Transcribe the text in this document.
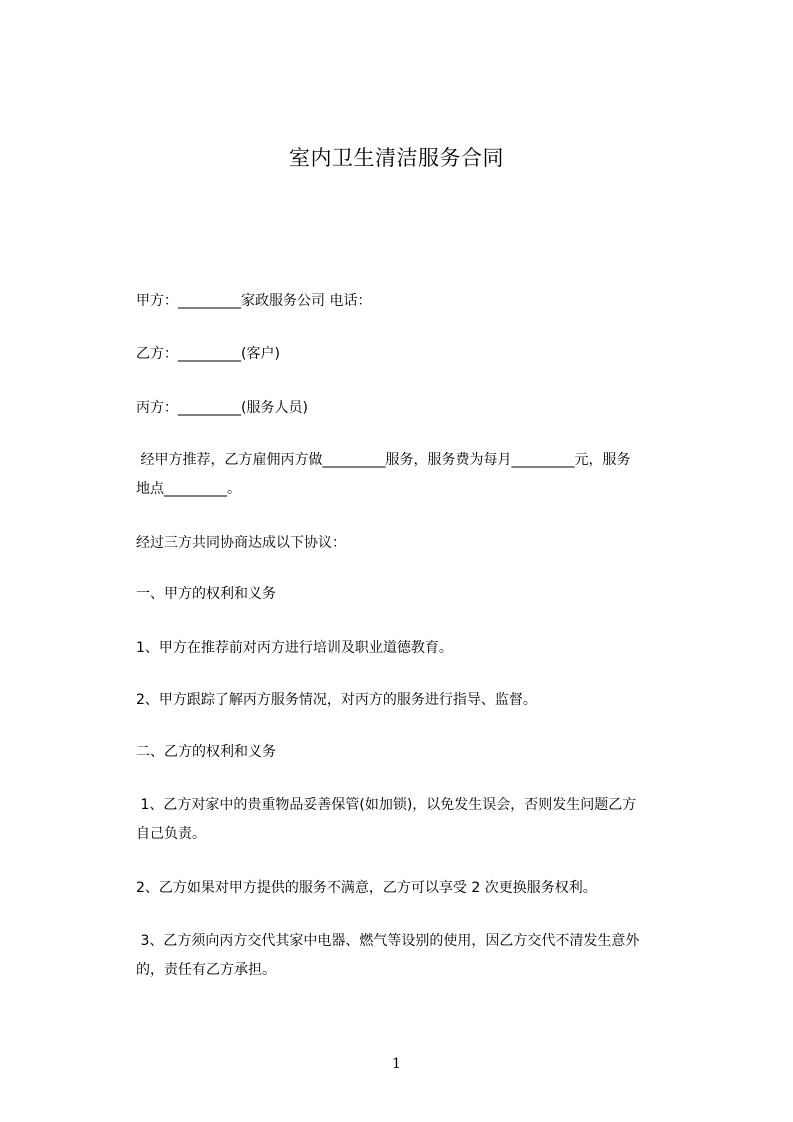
室内卫生清洁服务合同
甲方：_________家政服务公司 电话：
乙方：_________(客户)
丙方：_________(服务人员)
经甲方推荐，乙方雇佣丙方做_________服务，服务费为每月_________元，服务
地点_________。
经过三方共同协商达成以下协议：
一、甲方的权利和义务
1、甲方在推荐前对丙方进行培训及职业道德教育。
2、甲方跟踪了解丙方服务情况，对丙方的服务进行指导、监督。
二、乙方的权利和义务
1、乙方对家中的贵重物品妥善保管(如加锁)，以免发生误会，否则发生问题乙方
自己负责。
2、乙方如果对甲方提供的服务不满意，乙方可以享受 2 次更换服务权利。
3、乙方须向丙方交代其家中电器、燃气等设别的使用，因乙方交代不清发生意外
的，责任有乙方承担。
1
